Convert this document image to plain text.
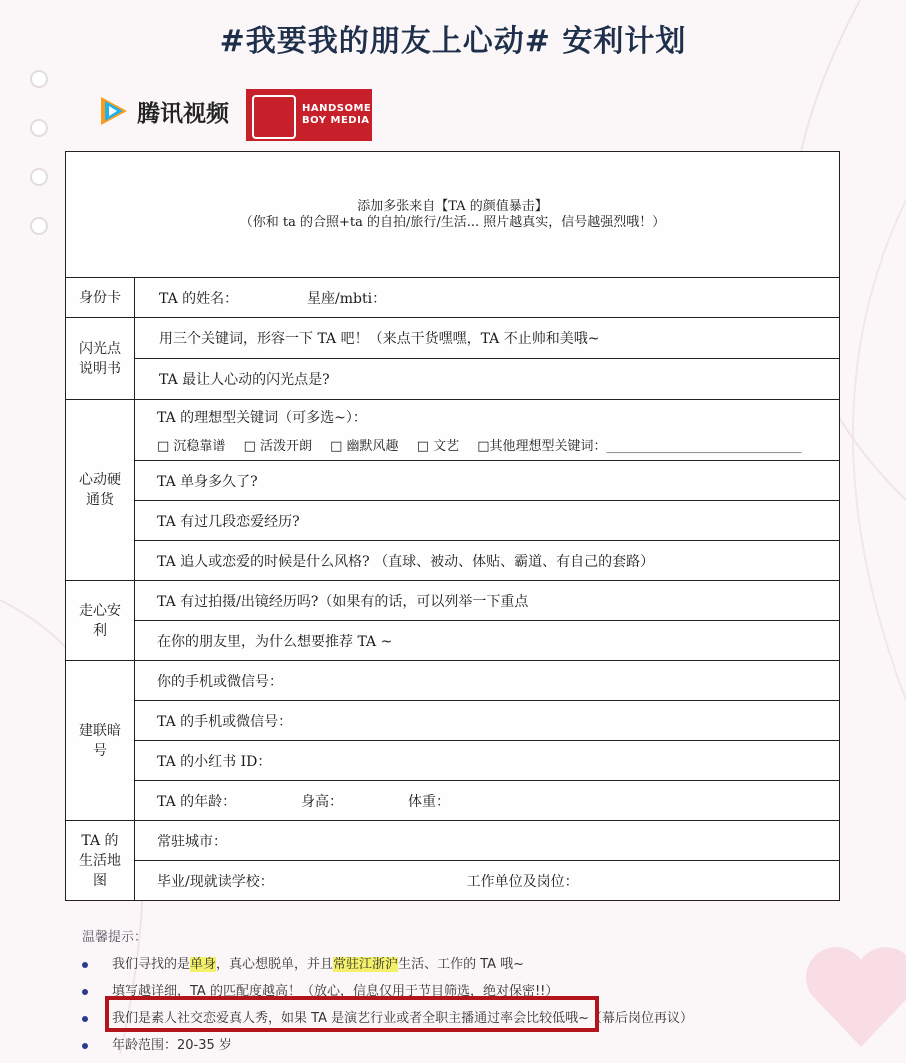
#我要我的朋友上心动# 安利计划
腾讯视频	HANDSOME
BOY MEDIA
添加多张来自【TA 的颜值暴击】
（你和 ta 的合照+ta 的自拍/旅行/生活... 照片越真实，信号越强烈哦！）	

身份卡	TA 的姓名： 星座/mbti：
闪光点说明书	用三个关键词，形容一下 TA 吧！（来点干货嘿嘿，TA 不止帅和美哦~
	TA 最让人心动的闪光点是?
心动硬通货	TA 的理想型关键词（可多选~）：
□ 沉稳靠谱 □ 活泼开朗 □ 幽默风趣 □ 文艺 □其他理想型关键词：______________________________

	TA 单身多久了?
	TA 有过几段恋爱经历?
	TA 追人或恋爱的时候是什么风格? （直球、被动、体贴、霸道、有自己的套路）
走心安利	TA 有过拍摄/出镜经历吗?（如果有的话，可以列举一下重点
	在你的朋友里，为什么想要推荐 TA ~
建联暗号	你的手机或微信号：
	TA 的手机或微信号：
	TA 的小红书 ID：
	TA 的年龄： 身高： 体重：
TA 的生活地图	常驻城市：
	毕业/现就读学校： 工作单位及岗位：
温馨提示：
我们寻找的是单身，真心想脱单，并且常驻江浙沪生活、工作的 TA 哦~
填写越详细，TA 的匹配度越高！（放心，信息仅用于节目筛选，绝对保密!!）
我们是素人社交恋爱真人秀，如果 TA 是演艺行业或者全职主播通过率会比较低哦~（幕后岗位再议）
年龄范围：20-35 岁
